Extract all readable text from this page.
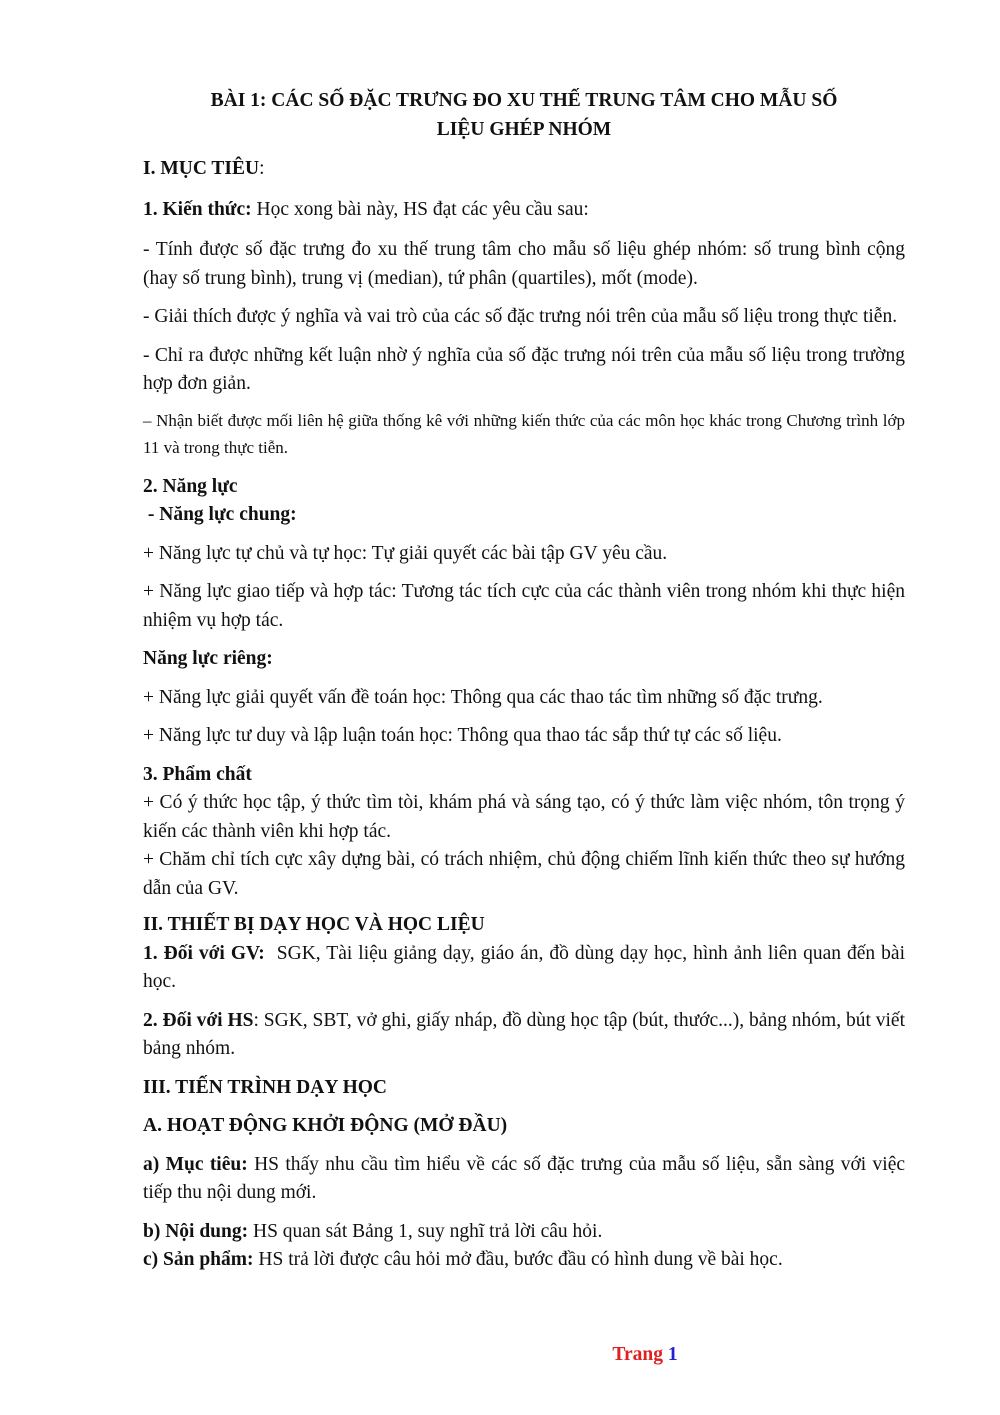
BÀI 1: CÁC SỐ ĐẶC TRƯNG ĐO XU THẾ TRUNG TÂM CHO MẪU SỐ
LIỆU GHÉP NHÓM

I. MỤC TIÊU:

1. Kiến thức: Học xong bài này, HS đạt các yêu cầu sau:

- Tính được số đặc trưng đo xu thế trung tâm cho mẫu số liệu ghép nhóm: số trung bình cộng (hay số trung bình), trung vị (median), tứ phân (quartiles), mốt (mode).

- Giải thích được ý nghĩa và vai trò của các số đặc trưng nói trên của mẫu số liệu trong thực tiễn.

- Chỉ ra được những kết luận nhờ ý nghĩa của số đặc trưng nói trên của mẫu số liệu trong trường hợp đơn giản.

– Nhận biết được mối liên hệ giữa thống kê với những kiến thức của các môn học khác trong Chương trình lớp 11 và trong thực tiễn.

2. Năng lực

- Năng lực chung:

+ Năng lực tự chủ và tự học: Tự giải quyết các bài tập GV yêu cầu.

+ Năng lực giao tiếp và hợp tác: Tương tác tích cực của các thành viên trong nhóm khi thực hiện nhiệm vụ hợp tác.

Năng lực riêng:

+ Năng lực giải quyết vấn đề toán học: Thông qua các thao tác tìm những số đặc trưng.

+ Năng lực tư duy và lập luận toán học: Thông qua thao tác sắp thứ tự các số liệu.

3. Phẩm chất

+ Có ý thức học tập, ý thức tìm tòi, khám phá và sáng tạo, có ý thức làm việc nhóm, tôn trọng ý kiến các thành viên khi hợp tác.

+ Chăm chỉ tích cực xây dựng bài, có trách nhiệm, chủ động chiếm lĩnh kiến thức theo sự hướng dẫn của GV.

II. THIẾT BỊ DẠY HỌC VÀ HỌC LIỆU

1. Đối với GV:  SGK, Tài liệu giảng dạy, giáo án, đồ dùng dạy học, hình ảnh liên quan đến bài học.

2. Đối với HS: SGK, SBT, vở ghi, giấy nháp, đồ dùng học tập (bút, thước...), bảng nhóm, bút viết bảng nhóm.

III. TIẾN TRÌNH DẠY HỌC

A. HOẠT ĐỘNG KHỞI ĐỘNG (MỞ ĐẦU)

a) Mục tiêu: HS thấy nhu cầu tìm hiểu về các số đặc trưng của mẫu số liệu, sẵn sàng với việc tiếp thu nội dung mới.

b) Nội dung: HS quan sát Bảng 1, suy nghĩ trả lời câu hỏi.

c) Sản phẩm: HS trả lời được câu hỏi mở đầu, bước đầu có hình dung về bài học.

Trang 1
